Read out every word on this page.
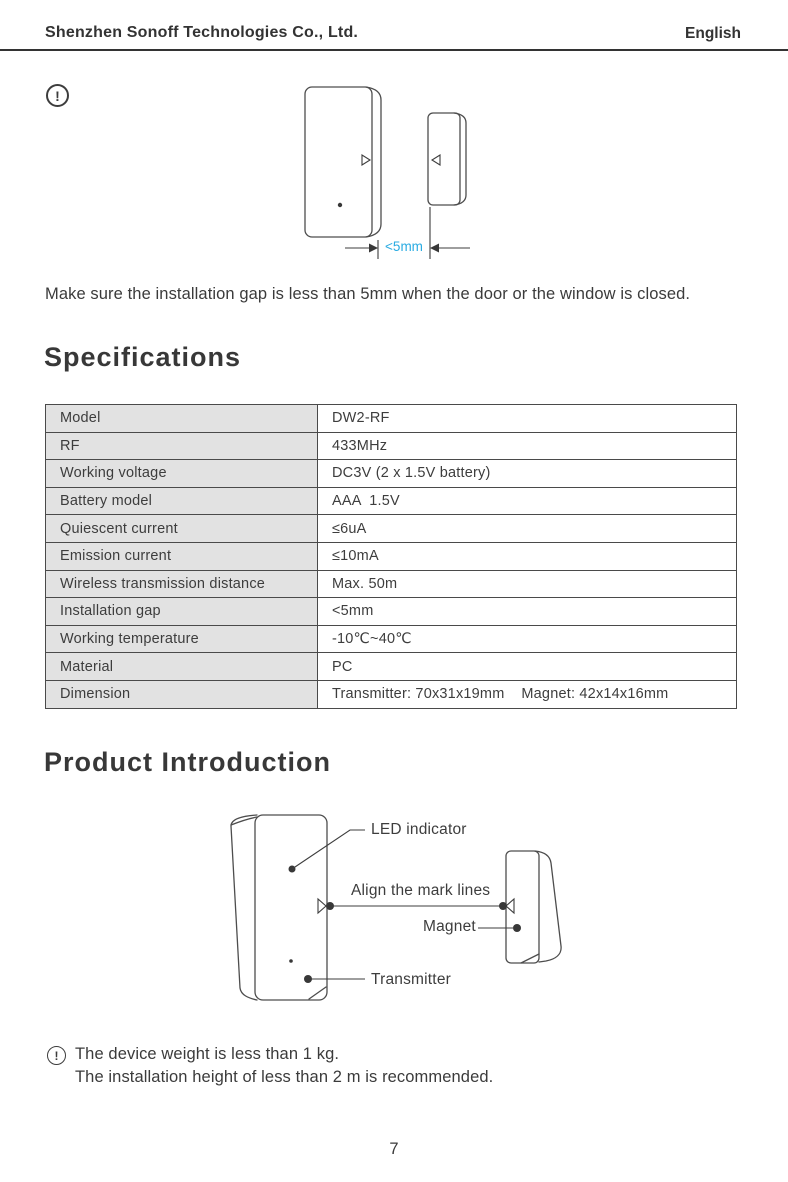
Shenzhen Sonoff Technologies Co., Ltd.	English
!
<5mm
Make sure the installation gap is less than 5mm when the door or the window is closed.
Specifications
Model	DW2-RF
RF	433MHz
Working voltage	DC3V (2 x 1.5V battery)
Battery model	AAA  1.5V
Quiescent current	≤6uA
Emission current	≤10mA
Wireless transmission distance	Max. 50m
Installation gap	<5mm
Working temperature	-10℃~40℃
Material	PC
Dimension	Transmitter: 70x31x19mm    Magnet: 42x14x16mm
Product Introduction
LED indicator
Align the mark lines
Magnet
Transmitter
! The device weight is less than 1 kg.
The installation height of less than 2 m is recommended.
7
